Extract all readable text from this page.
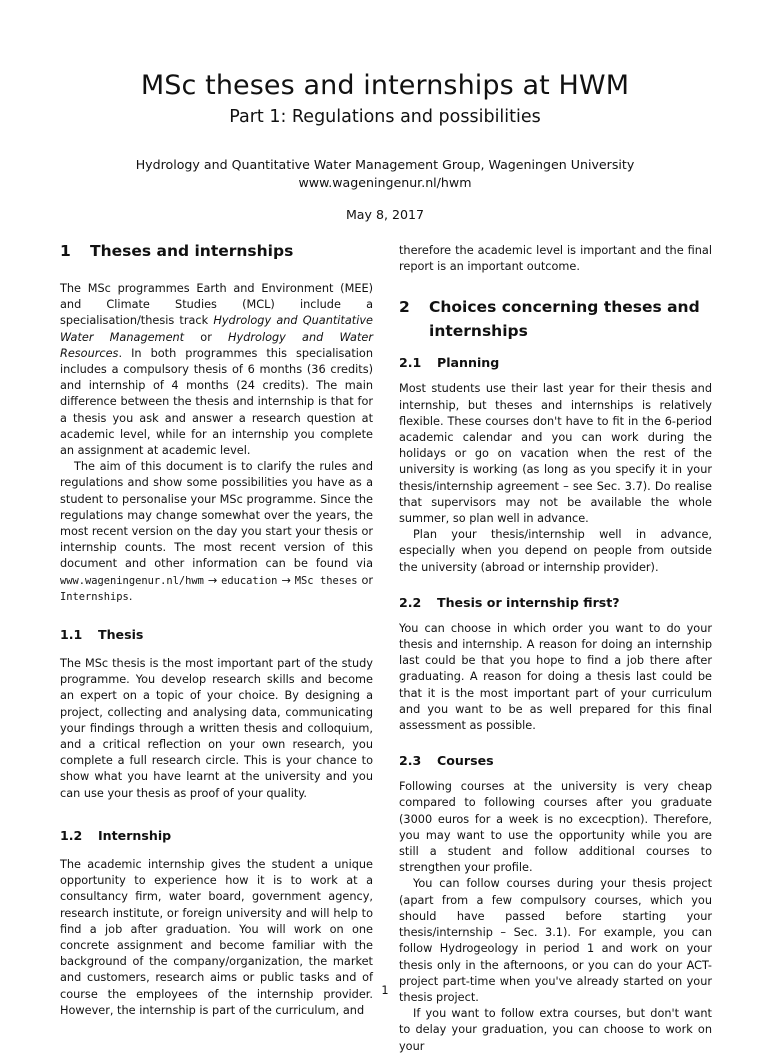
MSc theses and internships at HWM
Part 1: Regulations and possibilities
Hydrology and Quantitative Water Management Group, Wageningen University
www.wageningenur.nl/hwm
May 8, 2017
1	Theses and internships

The MSc programmes Earth and Environment (MEE) and Climate Studies (MCL) include a specialisation/thesis track Hydrology and Quantitative Water Management or Hydrology and Water Resources. In both programmes this specialisation includes a compulsory thesis of 6 months (36 credits) and internship of 4 months (24 credits). The main difference between the thesis and internship is that for a thesis you ask and answer a research question at academic level, while for an internship you complete an assignment at academic level.

The aim of this document is to clarify the rules and regulations and show some possibilities you have as a student to personalise your MSc programme. Since the regulations may change somewhat over the years, the most recent version on the day you start your thesis or internship counts. The most recent version of this document and other information can be found via www.wageningenur.nl/hwm → education → MSc theses or Internships.

1.1	Thesis

The MSc thesis is the most important part of the study programme. You develop research skills and become an expert on a topic of your choice. By designing a project, collecting and analysing data, communicating your findings through a written thesis and colloquium, and a critical reflection on your own research, you complete a full research circle. This is your chance to show what you have learnt at the university and you can use your thesis as proof of your quality.

1.2	Internship

The academic internship gives the student a unique opportunity to experience how it is to work at a consultancy firm, water board, government agency, research institute, or foreign university and will help to find a job after graduation. You will work on one concrete assignment and become familiar with the background of the company/organization, the market and customers, research aims or public tasks and of course the employees of the internship provider. However, the internship is part of the curriculum, and

therefore the academic level is important and the final report is an important outcome.

2	Choices concerning theses and internships
2.1	Planning

Most students use their last year for their thesis and internship, but theses and internships is relatively flexible. These courses don't have to fit in the 6-period academic calendar and you can work during the holidays or go on vacation when the rest of the university is working (as long as you specify it in your thesis/internship agreement – see Sec. 3.7). Do realise that supervisors may not be available the whole summer, so plan well in advance.

Plan your thesis/internship well in advance, especially when you depend on people from outside the university (abroad or internship provider).

2.2	Thesis or internship first?

You can choose in which order you want to do your thesis and internship. A reason for doing an internship last could be that you hope to find a job there after graduating. A reason for doing a thesis last could be that it is the most important part of your curriculum and you want to be as well prepared for this final assessment as possible.

2.3	Courses

Following courses at the university is very cheap compared to following courses after you graduate (3000 euros for a week is no excecption). Therefore, you may want to use the opportunity while you are still a student and follow additional courses to strengthen your profile.

You can follow courses during your thesis project (apart from a few compulsory courses, which you should have passed before starting your thesis/internship – Sec. 3.1). For example, you can follow Hydrogeology in period 1 and work on your thesis only in the afternoons, or you can do your ACT-project part-time when you've already started on your thesis project.

If you want to follow extra courses, but don't want to delay your graduation, you can choose to work on your

1
